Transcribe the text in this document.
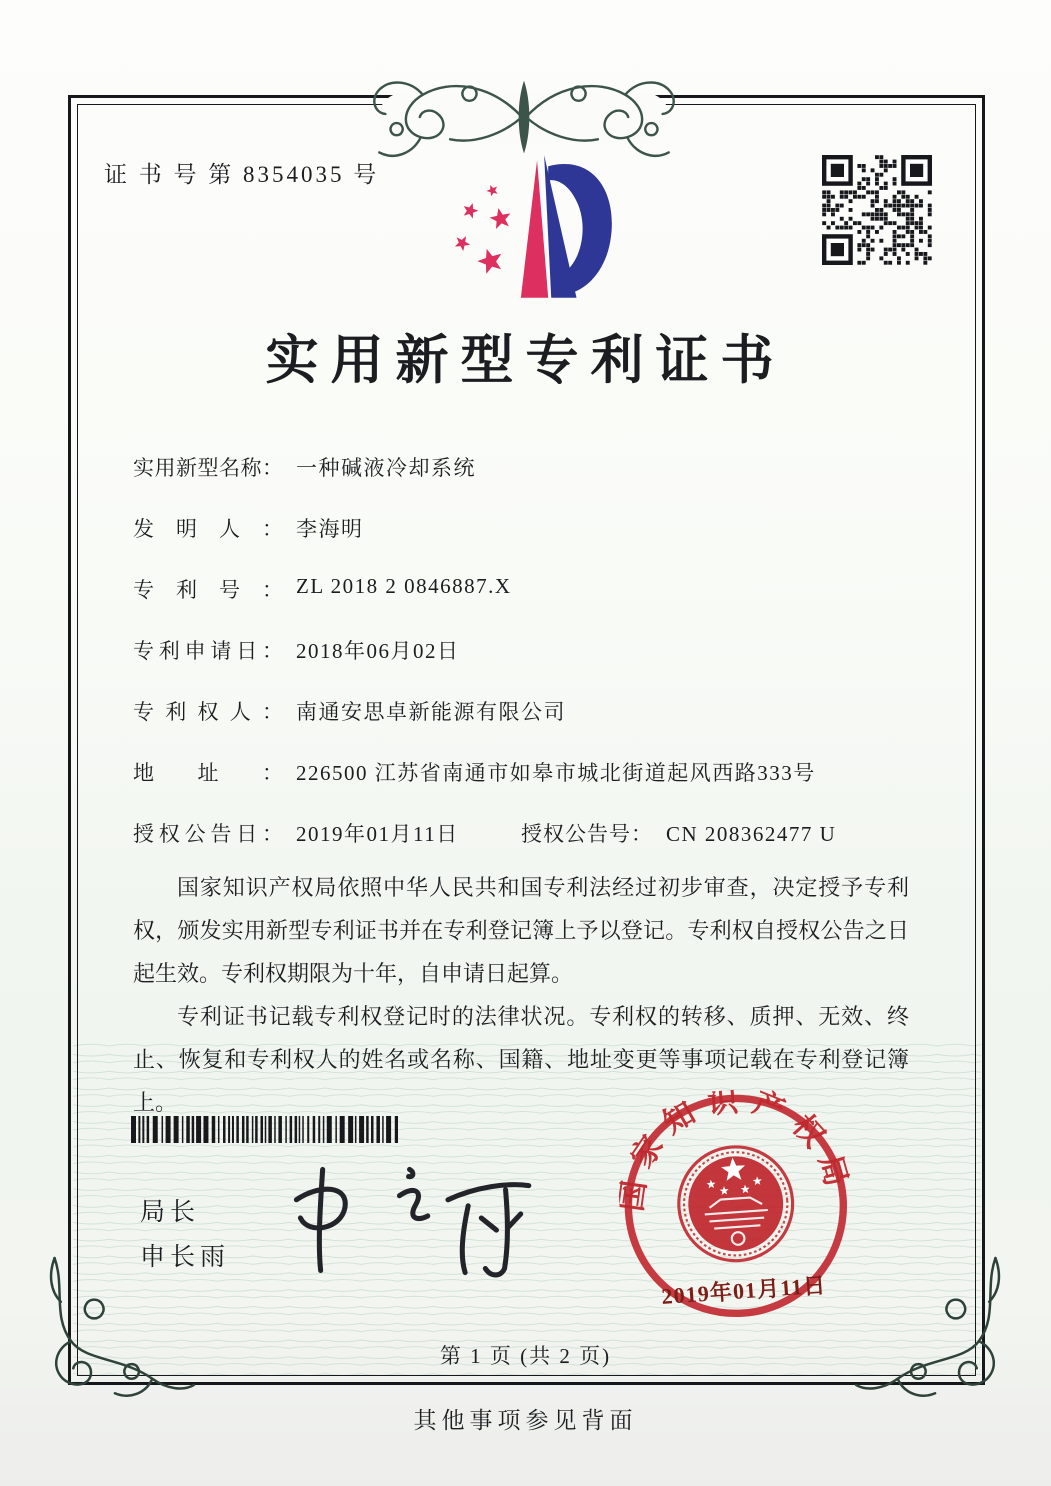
证 书 号 第 8354035 号
实用新型专利证书
实用新型名称： 一种碱液冷却系统
发明人： 李海明
专利号： ZL 2018 2 0846887.X
专利申请日： 2018年06月02日
专利权人： 南通安思卓新能源有限公司
地址： 226500 江苏省南通市如皋市城北街道起风西路333号
授权公告日： 2019年01月11日	授权公告号： CN 208362477 U

国家知识产权局依照中华人民共和国专利法经过初步审查，决定授予专利权，颁发实用新型专利证书并在专利登记簿上予以登记。专利权自授权公告之日起生效。专利权期限为十年，自申请日起算。

专利证书记载专利权登记时的法律状况。专利权的转移、质押、无效、终止、恢复和专利权人的姓名或名称、国籍、地址变更等事项记载在专利登记簿上。

局长
申长雨
国家知识产权局
2019年01月11日
第 1 页 (共 2 页)
其他事项参见背面
